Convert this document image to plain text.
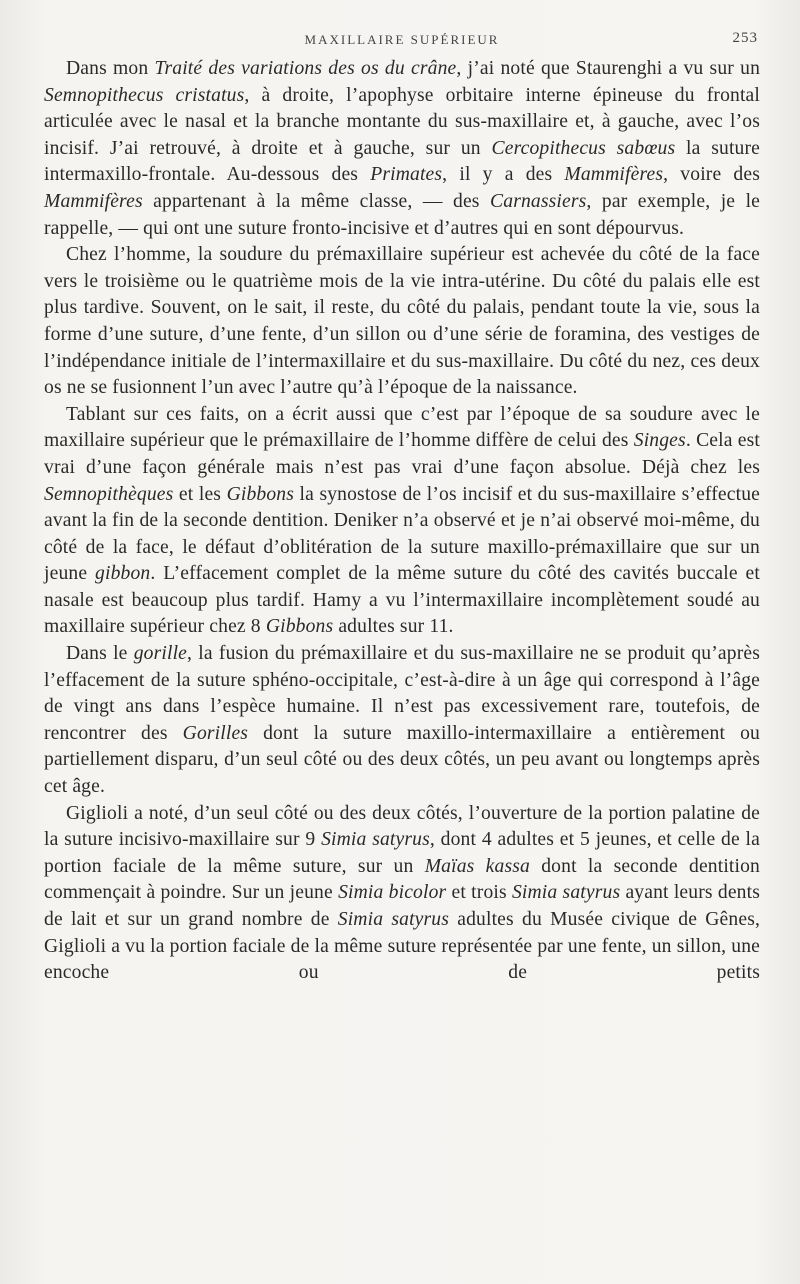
MAXILLAIRE SUPÉRIEUR	253

Dans mon Traité des variations des os du crâne, j’ai noté que Staurenghi a vu sur un Semnopithecus cristatus, à droite, l’apophyse orbitaire interne épineuse du frontal articulée avec le nasal et la branche montante du sus-maxillaire et, à gauche, avec l’os incisif. J’ai retrouvé, à droite et à gauche, sur un Cercopithecus sabœus la suture intermaxillo-frontale. Au-dessous des Primates, il y a des Mammifères, voire des Mammifères appartenant à la même classe, — des Carnassiers, par exemple, je le rappelle, — qui ont une suture fronto-incisive et d’autres qui en sont dépourvus.

Chez l’homme, la soudure du prémaxillaire supérieur est achevée du côté de la face vers le troisième ou le quatrième mois de la vie intra-utérine. Du côté du palais elle est plus tardive. Souvent, on le sait, il reste, du côté du palais, pendant toute la vie, sous la forme d’une suture, d’une fente, d’un sillon ou d’une série de foramina, des vestiges de l’indépendance initiale de l’intermaxillaire et du sus-maxillaire. Du côté du nez, ces deux os ne se fusionnent l’un avec l’autre qu’à l’époque de la naissance.

Tablant sur ces faits, on a écrit aussi que c’est par l’époque de sa soudure avec le maxillaire supérieur que le prémaxillaire de l’homme diffère de celui des Singes. Cela est vrai d’une façon générale mais n’est pas vrai d’une façon absolue. Déjà chez les Semnopithèques et les Gibbons la synostose de l’os incisif et du sus-maxillaire s’effectue avant la fin de la seconde dentition. Deniker n’a observé et je n’ai observé moi-même, du côté de la face, le défaut d’oblitération de la suture maxillo-prémaxillaire que sur un jeune gibbon. L’effacement complet de la même suture du côté des cavités buccale et nasale est beaucoup plus tardif. Hamy a vu l’intermaxillaire incomplètement soudé au maxillaire supérieur chez 8 Gibbons adultes sur 11.

Dans le gorille, la fusion du prémaxillaire et du sus-maxillaire ne se produit qu’après l’effacement de la suture sphéno-occipitale, c’est-à-dire à un âge qui correspond à l’âge de vingt ans dans l’espèce humaine. Il n’est pas excessivement rare, toutefois, de rencontrer des Gorilles dont la suture maxillo-intermaxillaire a entièrement ou partiellement disparu, d’un seul côté ou des deux côtés, un peu avant ou longtemps après cet âge.

Giglioli a noté, d’un seul côté ou des deux côtés, l’ouverture de la portion palatine de la suture incisivo-maxillaire sur 9 Simia satyrus, dont 4 adultes et 5 jeunes, et celle de la portion faciale de la même suture, sur un Maïas kassa dont la seconde dentition commençait à poindre. Sur un jeune Simia bicolor et trois Simia satyrus ayant leurs dents de lait et sur un grand nombre de Simia satyrus adultes du Musée civique de Gênes, Giglioli a vu la portion faciale de la même suture représentée par une fente, un sillon, une encoche ou de petits
